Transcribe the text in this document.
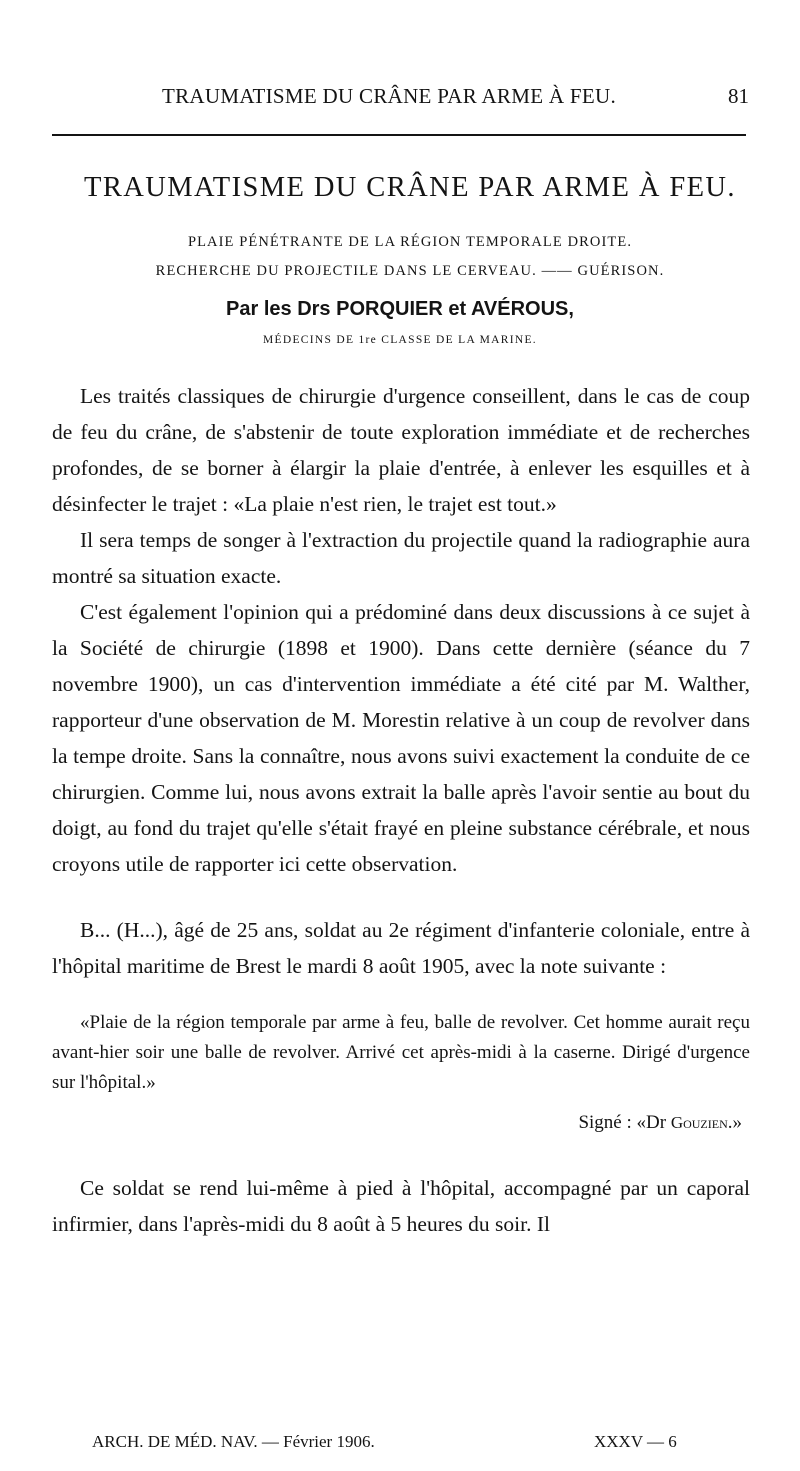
TRAUMATISME DU CRÂNE PAR ARME À FEU.	81
TRAUMATISME DU CRÂNE PAR ARME À FEU.
PLAIE PÉNÉTRANTE DE LA RÉGION TEMPORALE DROITE.
RECHERCHE DU PROJECTILE DANS LE CERVEAU. —— GUÉRISON.
Par les Drs PORQUIER et AVÉROUS,
MÉDECINS DE 1re CLASSE DE LA MARINE.

Les traités classiques de chirurgie d'urgence conseillent, dans le cas de coup de feu du crâne, de s'abstenir de toute exploration immédiate et de recherches profondes, de se borner à élargir la plaie d'entrée, à enlever les esquilles et à désinfecter le trajet : «La plaie n'est rien, le trajet est tout.»

Il sera temps de songer à l'extraction du projectile quand la radiographie aura montré sa situation exacte.

C'est également l'opinion qui a prédominé dans deux discussions à ce sujet à la Société de chirurgie (1898 et 1900). Dans cette dernière (séance du 7 novembre 1900), un cas d'intervention immédiate a été cité par M. Walther, rapporteur d'une observation de M. Morestin relative à un coup de revolver dans la tempe droite. Sans la connaître, nous avons suivi exactement la conduite de ce chirurgien. Comme lui, nous avons extrait la balle après l'avoir sentie au bout du doigt, au fond du trajet qu'elle s'était frayé en pleine substance cérébrale, et nous croyons utile de rapporter ici cette observation.

B... (H...), âgé de 25 ans, soldat au 2e régiment d'infanterie coloniale, entre à l'hôpital maritime de Brest le mardi 8 août 1905, avec la note suivante :

«Plaie de la région temporale par arme à feu, balle de revolver. Cet homme aurait reçu avant-hier soir une balle de revolver. Arrivé cet après-midi à la caserne. Dirigé d'urgence sur l'hôpital.»

Signé : «Dr Gouzien.»

Ce soldat se rend lui-même à pied à l'hôpital, accompagné par un caporal infirmier, dans l'après-midi du 8 août à 5 heures du soir. Il

ARCH. DE MÉD. NAV. — Février 1906.	XXXV — 6
